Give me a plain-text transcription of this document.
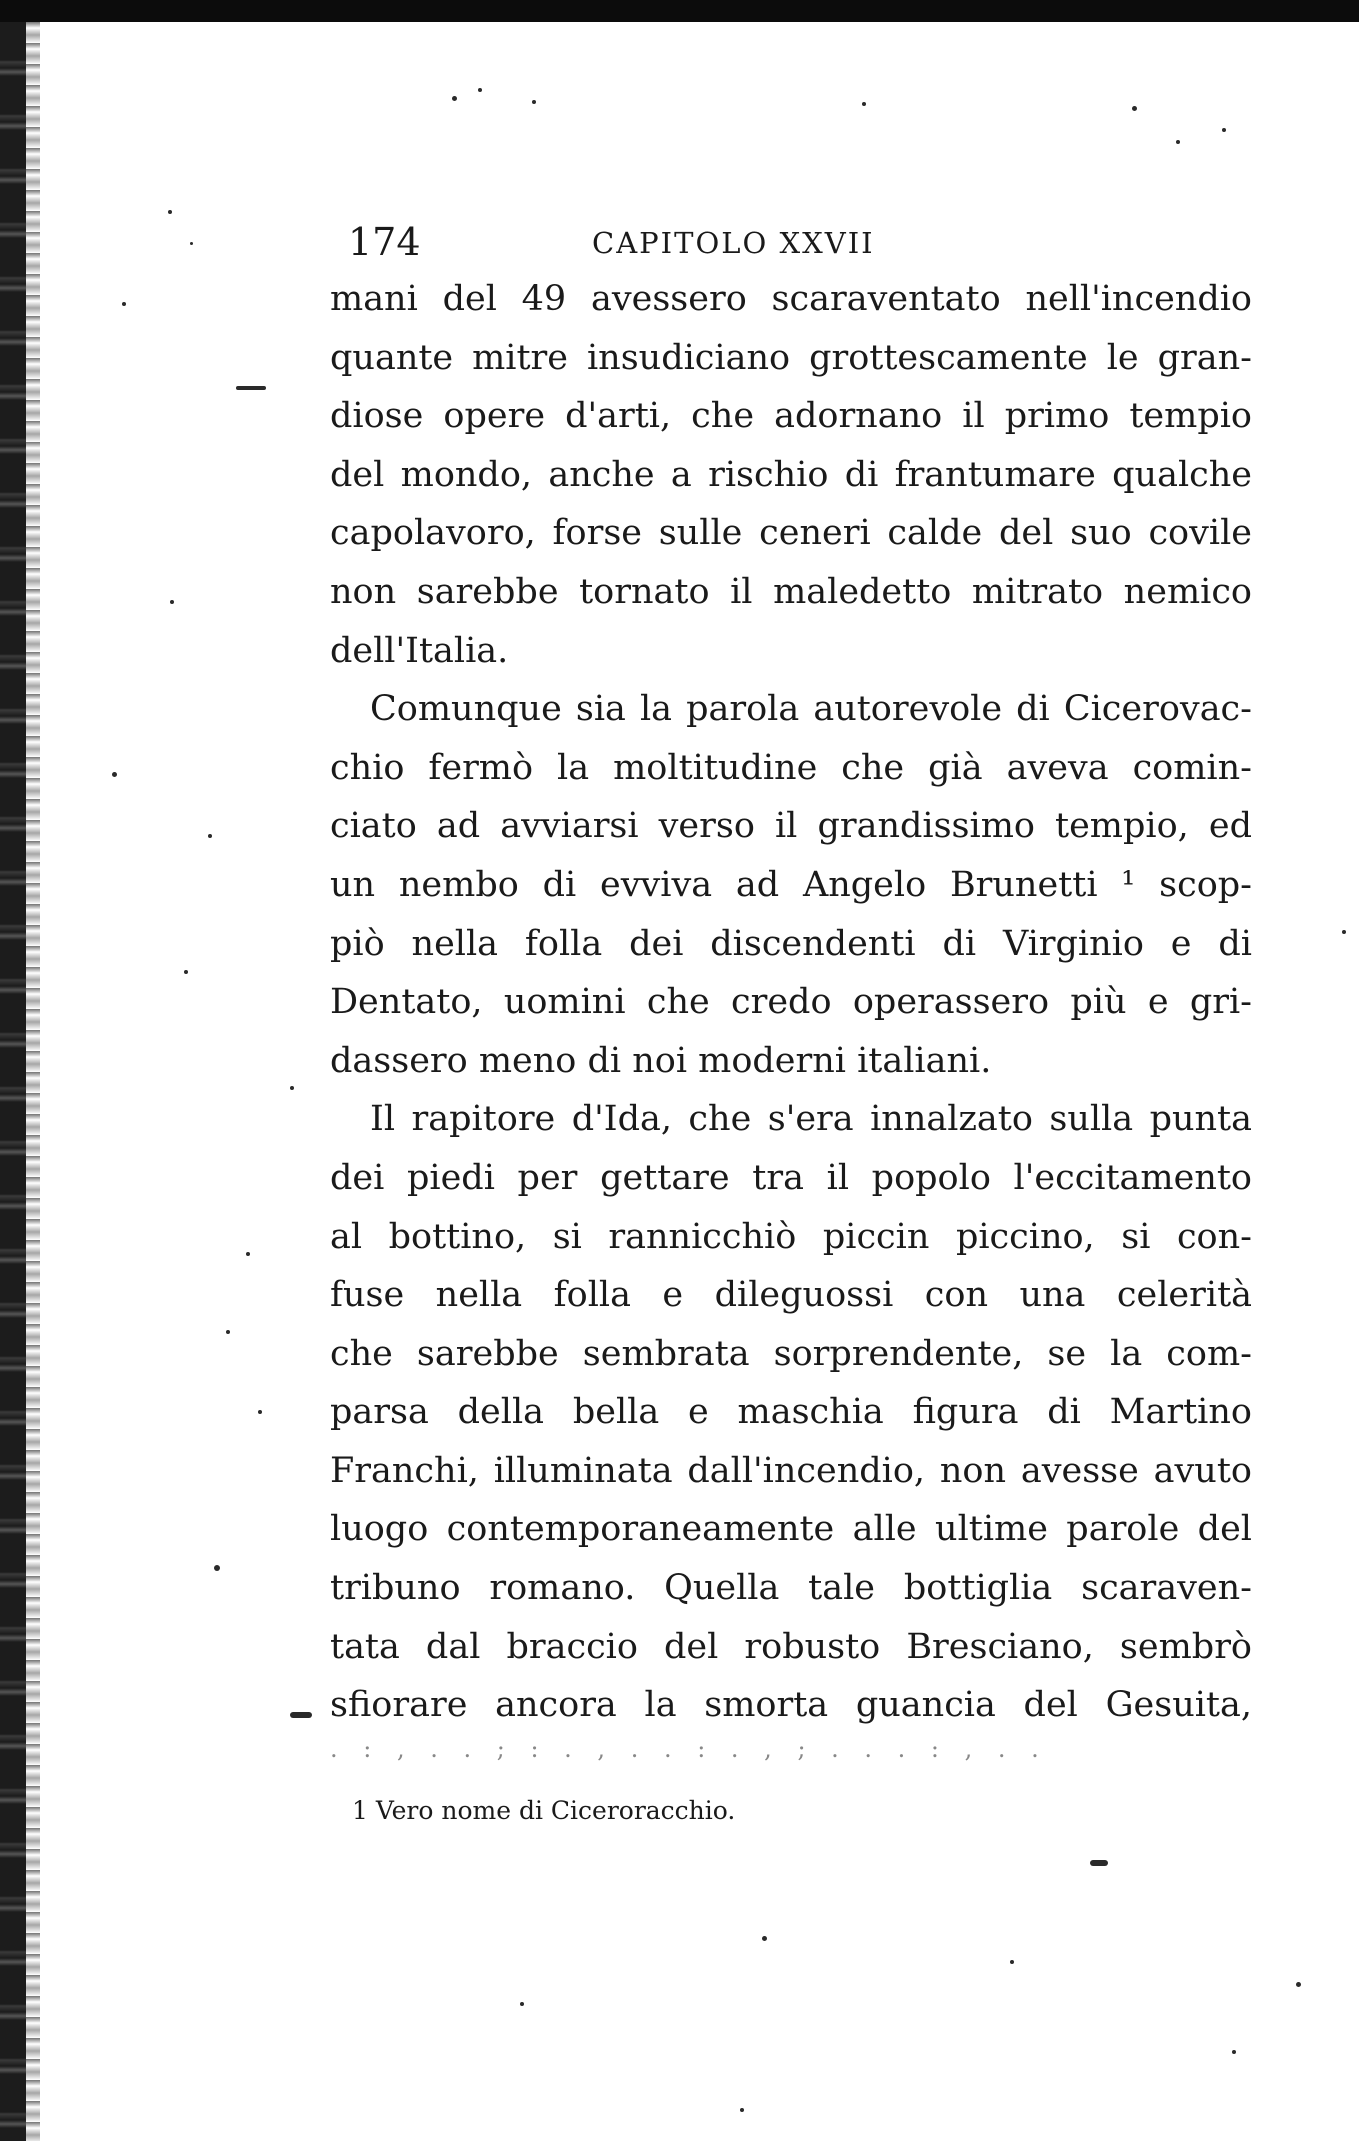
174	CAPITOLO XXVII
mani del 49 avessero scaraventato nell'incendio
quante mitre insudiciano grottescamente le gran-
diose opere d'arti, che adornano il primo tempio
del mondo, anche a rischio di frantumare qualche
capolavoro, forse sulle ceneri calde del suo covile
non sarebbe tornato il maledetto mitrato nemico
dell'Italia.
Comunque sia la parola autorevole di Cicerovac-
chio fermò la moltitudine che già aveva comin-
ciato ad avviarsi verso il grandissimo tempio, ed
un nembo di evviva ad Angelo Brunetti ¹ scop-
piò nella folla dei discendenti di Virginio e di
Dentato, uomini che credo operassero più e gri-
dassero meno di noi moderni italiani.
Il rapitore d'Ida, che s'era innalzato sulla punta
dei piedi per gettare tra il popolo l'eccitamento
al bottino, si rannicchiò piccin piccino, si con-
fuse nella folla e dileguossi con una celerità
che sarebbe sembrata sorprendente, se la com-
parsa della bella e maschia figura di Martino
Franchi, illuminata dall'incendio, non avesse avuto
luogo contemporaneamente alle ultime parole del
tribuno romano. Quella tale bottiglia scaraven-
tata dal braccio del robusto Bresciano, sembrò
sfiorare ancora la smorta guancia del Gesuita,
. : , . . ; : . , . . : . , ; . . . : , . .
1 Vero nome di Ciceroracchio.
